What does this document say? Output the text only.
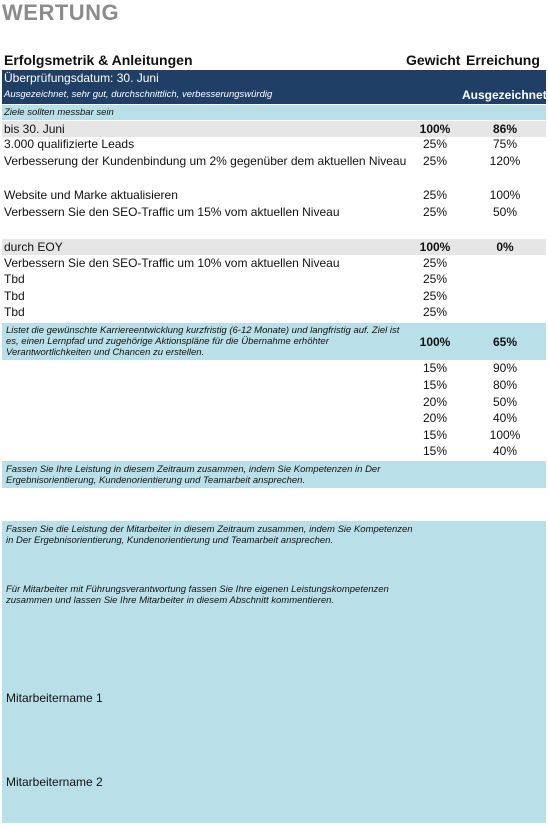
WERTUNG
Erfolgsmetrik & Anleitungen	Gewicht Erreichung
Überprüfungsdatum: 30. Juni
Ausgezeichnet, sehr gut, durchschnittlich, verbesserungswürdig	Ausgezeichnet
Ziele sollten messbar sein
bis 30. Juni	100%	86%
3.000 qualifizierte Leads	25%	75%
Verbesserung der Kundenbindung um 2% gegenüber dem aktuellen Niveau	25%	120%
Website und Marke aktualisieren	25%	100%
Verbessern Sie den SEO-Traffic um 15% vom aktuellen Niveau	25%	50%
durch EOY	100%	0%
Verbessern Sie den SEO-Traffic um 10% vom aktuellen Niveau	25%
Tbd	25%
Tbd	25%
Tbd	25%
Listet die gewünschte Karriereentwicklung kurzfristig (6-12 Monate) und langfristig auf. Ziel ist es, einen Lernpfad und zugehörige Aktionspläne für die Übernahme erhöhter Verantwortlichkeiten und Chancen zu erstellen.
100%	65%
15%	90%
15%	80%
20%	50%
20%	40%
15%	100%
15%	40%
Fassen Sie Ihre Leistung in diesem Zeitraum zusammen, indem Sie Kompetenzen in Der Ergebnisorientierung, Kundenorientierung und Teamarbeit ansprechen.
Fassen Sie die Leistung der Mitarbeiter in diesem Zeitraum zusammen, indem Sie Kompetenzen in Der Ergebnisorientierung, Kundenorientierung und Teamarbeit ansprechen.
Für Mitarbeiter mit Führungsverantwortung fassen Sie Ihre eigenen Leistungskompetenzen zusammen und lassen Sie Ihre Mitarbeiter in diesem Abschnitt kommentieren.
Mitarbeitername 1
Mitarbeitername 2
